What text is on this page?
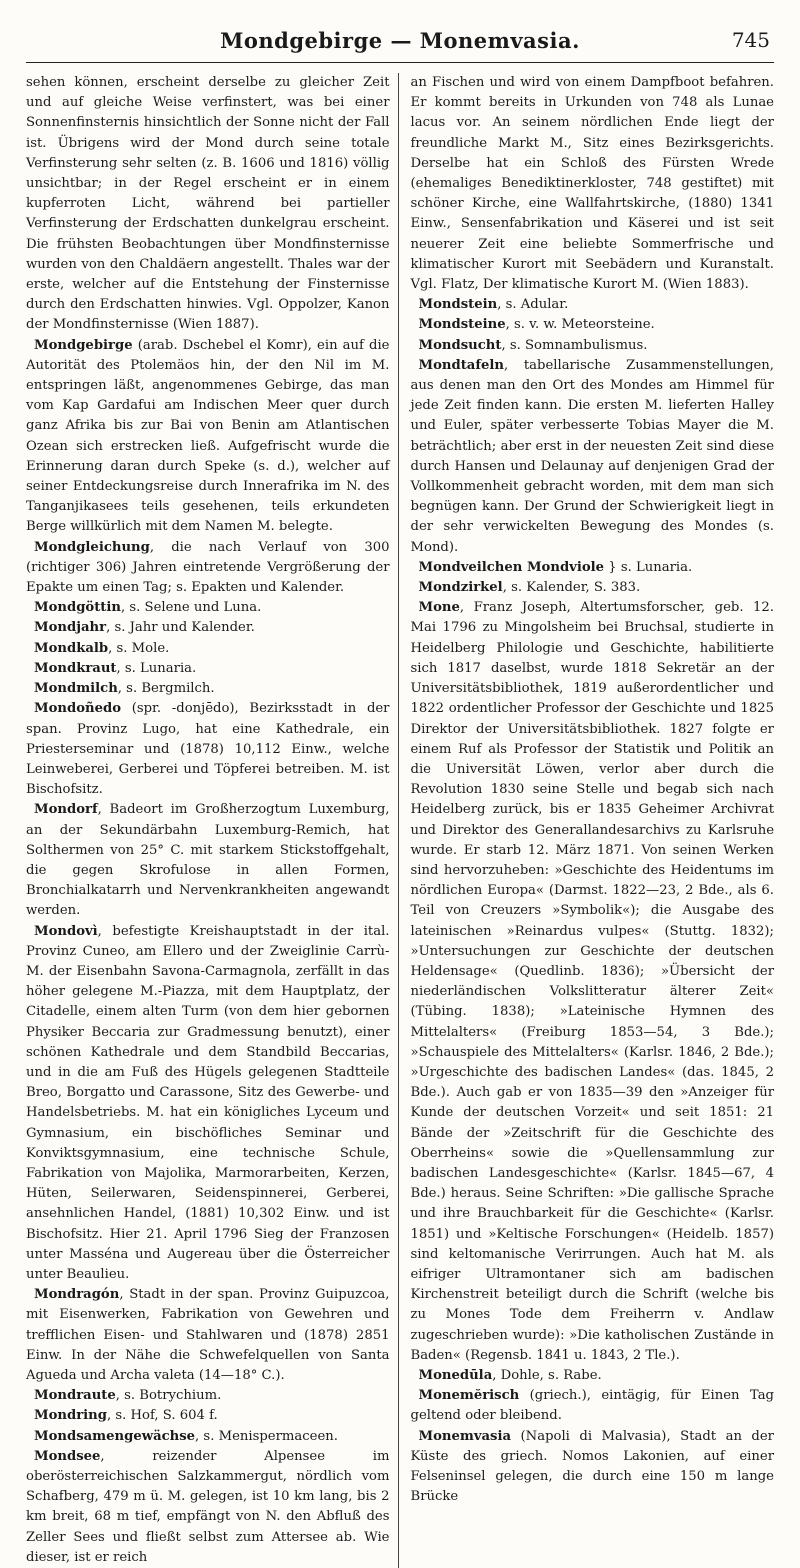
Mondgebirge — Monemvasia.	745

sehen können, erscheint derselbe zu gleicher Zeit und auf gleiche Weise verfinstert, was bei einer Sonnenfinsternis hinsichtlich der Sonne nicht der Fall ist. Übrigens wird der Mond durch seine totale Verfinsterung sehr selten (z. B. 1606 und 1816) völlig unsichtbar; in der Regel erscheint er in einem kupferroten Licht, während bei partieller Verfinsterung der Erdschatten dunkelgrau erscheint. Die frühsten Beobachtungen über Mondfinsternisse wurden von den Chaldäern angestellt. Thales war der erste, welcher auf die Entstehung der Finsternisse durch den Erdschatten hinwies. Vgl. Oppolzer, Kanon der Mondfinsternisse (Wien 1887).

Mondgebirge (arab. Dschebel el Komr), ein auf die Autorität des Ptolemäos hin, der den Nil im M. entspringen läßt, angenommenes Gebirge, das man vom Kap Gardafui am Indischen Meer quer durch ganz Afrika bis zur Bai von Benin am Atlantischen Ozean sich erstrecken ließ. Aufgefrischt wurde die Erinnerung daran durch Speke (s. d.), welcher auf seiner Entdeckungsreise durch Innerafrika im N. des Tanganjikasees teils gesehenen, teils erkundeten Berge willkürlich mit dem Namen M. belegte.

Mondgleichung, die nach Verlauf von 300 (richtiger 306) Jahren eintretende Vergrößerung der Epakte um einen Tag; s. Epakten und Kalender.

Mondgöttin, s. Selene und Luna.

Mondjahr, s. Jahr und Kalender.

Mondkalb, s. Mole.

Mondkraut, s. Lunaria.

Mondmilch, s. Bergmilch.

Mondoñedo (spr. -donjēdo), Bezirksstadt in der span. Provinz Lugo, hat eine Kathedrale, ein Priesterseminar und (1878) 10,112 Einw., welche Leinweberei, Gerberei und Töpferei betreiben. M. ist Bischofsitz.

Mondorf, Badeort im Großherzogtum Luxemburg, an der Sekundärbahn Luxemburg-Remich, hat Solthermen von 25° C. mit starkem Stickstoffgehalt, die gegen Skrofulose in allen Formen, Bronchialkatarrh und Nervenkrankheiten angewandt werden.

Mondovì, befestigte Kreishauptstadt in der ital. Provinz Cuneo, am Ellero und der Zweiglinie Carrù-M. der Eisenbahn Savona-Carmagnola, zerfällt in das höher gelegene M.-Piazza, mit dem Hauptplatz, der Citadelle, einem alten Turm (von dem hier gebornen Physiker Beccaria zur Gradmessung benutzt), einer schönen Kathedrale und dem Standbild Beccarias, und in die am Fuß des Hügels gelegenen Stadtteile Breo, Borgatto und Carassone, Sitz des Gewerbe- und Handelsbetriebs. M. hat ein königliches Lyceum und Gymnasium, ein bischöfliches Seminar und Konviktsgymnasium, eine technische Schule, Fabrikation von Majolika, Marmorarbeiten, Kerzen, Hüten, Seilerwaren, Seidenspinnerei, Gerberei, ansehnlichen Handel, (1881) 10,302 Einw. und ist Bischofsitz. Hier 21. April 1796 Sieg der Franzosen unter Masséna und Augereau über die Österreicher unter Beaulieu.

Mondragón, Stadt in der span. Provinz Guipuzcoa, mit Eisenwerken, Fabrikation von Gewehren und trefflichen Eisen- und Stahlwaren und (1878) 2851 Einw. In der Nähe die Schwefelquellen von Santa Agueda und Archa valeta (14—18° C.).

Mondraute, s. Botrychium.

Mondring, s. Hof, S. 604 f.

Mondsamengewächse, s. Menispermaceen.

Mondsee, reizender Alpensee im oberösterreichischen Salzkammergut, nördlich vom Schafberg, 479 m ü. M. gelegen, ist 10 km lang, bis 2 km breit, 68 m tief, empfängt von N. den Abfluß des Zeller Sees und fließt selbst zum Attersee ab. Wie dieser, ist er reich

an Fischen und wird von einem Dampfboot befahren. Er kommt bereits in Urkunden von 748 als Lunae lacus vor. An seinem nördlichen Ende liegt der freundliche Markt M., Sitz eines Bezirksgerichts. Derselbe hat ein Schloß des Fürsten Wrede (ehemaliges Benediktinerkloster, 748 gestiftet) mit schöner Kirche, eine Wallfahrtskirche, (1880) 1341 Einw., Sensenfabrikation und Käserei und ist seit neuerer Zeit eine beliebte Sommerfrische und klimatischer Kurort mit Seebädern und Kuranstalt. Vgl. Flatz, Der klimatische Kurort M. (Wien 1883).

Mondstein, s. Adular.

Mondsteine, s. v. w. Meteorsteine.

Mondsucht, s. Somnambulismus.

Mondtafeln, tabellarische Zusammenstellungen, aus denen man den Ort des Mondes am Himmel für jede Zeit finden kann. Die ersten M. lieferten Halley und Euler, später verbesserte Tobias Mayer die M. beträchtlich; aber erst in der neuesten Zeit sind diese durch Hansen und Delaunay auf denjenigen Grad der Vollkommenheit gebracht worden, mit dem man sich begnügen kann. Der Grund der Schwierigkeit liegt in der sehr verwickelten Bewegung des Mondes (s. Mond).

Mondveilchen Mondviole } s. Lunaria.

Mondzirkel, s. Kalender, S. 383.

Mone, Franz Joseph, Altertumsforscher, geb. 12. Mai 1796 zu Mingolsheim bei Bruchsal, studierte in Heidelberg Philologie und Geschichte, habilitierte sich 1817 daselbst, wurde 1818 Sekretär an der Universitätsbibliothek, 1819 außerordentlicher und 1822 ordentlicher Professor der Geschichte und 1825 Direktor der Universitätsbibliothek. 1827 folgte er einem Ruf als Professor der Statistik und Politik an die Universität Löwen, verlor aber durch die Revolution 1830 seine Stelle und begab sich nach Heidelberg zurück, bis er 1835 Geheimer Archivrat und Direktor des Generallandesarchivs zu Karlsruhe wurde. Er starb 12. März 1871. Von seinen Werken sind hervorzuheben: »Geschichte des Heidentums im nördlichen Europa« (Darmst. 1822—23, 2 Bde., als 6. Teil von Creuzers »Symbolik«); die Ausgabe des lateinischen »Reinardus vulpes« (Stuttg. 1832); »Untersuchungen zur Geschichte der deutschen Heldensage« (Quedlinb. 1836); »Übersicht der niederländischen Volkslitteratur älterer Zeit« (Tübing. 1838); »Lateinische Hymnen des Mittelalters« (Freiburg 1853—54, 3 Bde.); »Schauspiele des Mittelalters« (Karlsr. 1846, 2 Bde.); »Urgeschichte des badischen Landes« (das. 1845, 2 Bde.). Auch gab er von 1835—39 den »Anzeiger für Kunde der deutschen Vorzeit« und seit 1851: 21 Bände der »Zeitschrift für die Geschichte des Oberrheins« sowie die »Quellensammlung zur badischen Landesgeschichte« (Karlsr. 1845—67, 4 Bde.) heraus. Seine Schriften: »Die gallische Sprache und ihre Brauchbarkeit für die Geschichte« (Karlsr. 1851) und »Keltische Forschungen« (Heidelb. 1857) sind keltomanische Verirrungen. Auch hat M. als eifriger Ultramontaner sich am badischen Kirchenstreit beteiligt durch die Schrift (welche bis zu Mones Tode dem Freiherrn v. Andlaw zugeschrieben wurde): »Die katholischen Zustände in Baden« (Regensb. 1841 u. 1843, 2 Tle.).

Monedūla, Dohle, s. Rabe.

Monemĕrisch (griech.), eintägig, für Einen Tag geltend oder bleibend.

Monemvasia (Napoli di Malvasia), Stadt an der Küste des griech. Nomos Lakonien, auf einer Felseninsel gelegen, die durch eine 150 m lange Brücke
